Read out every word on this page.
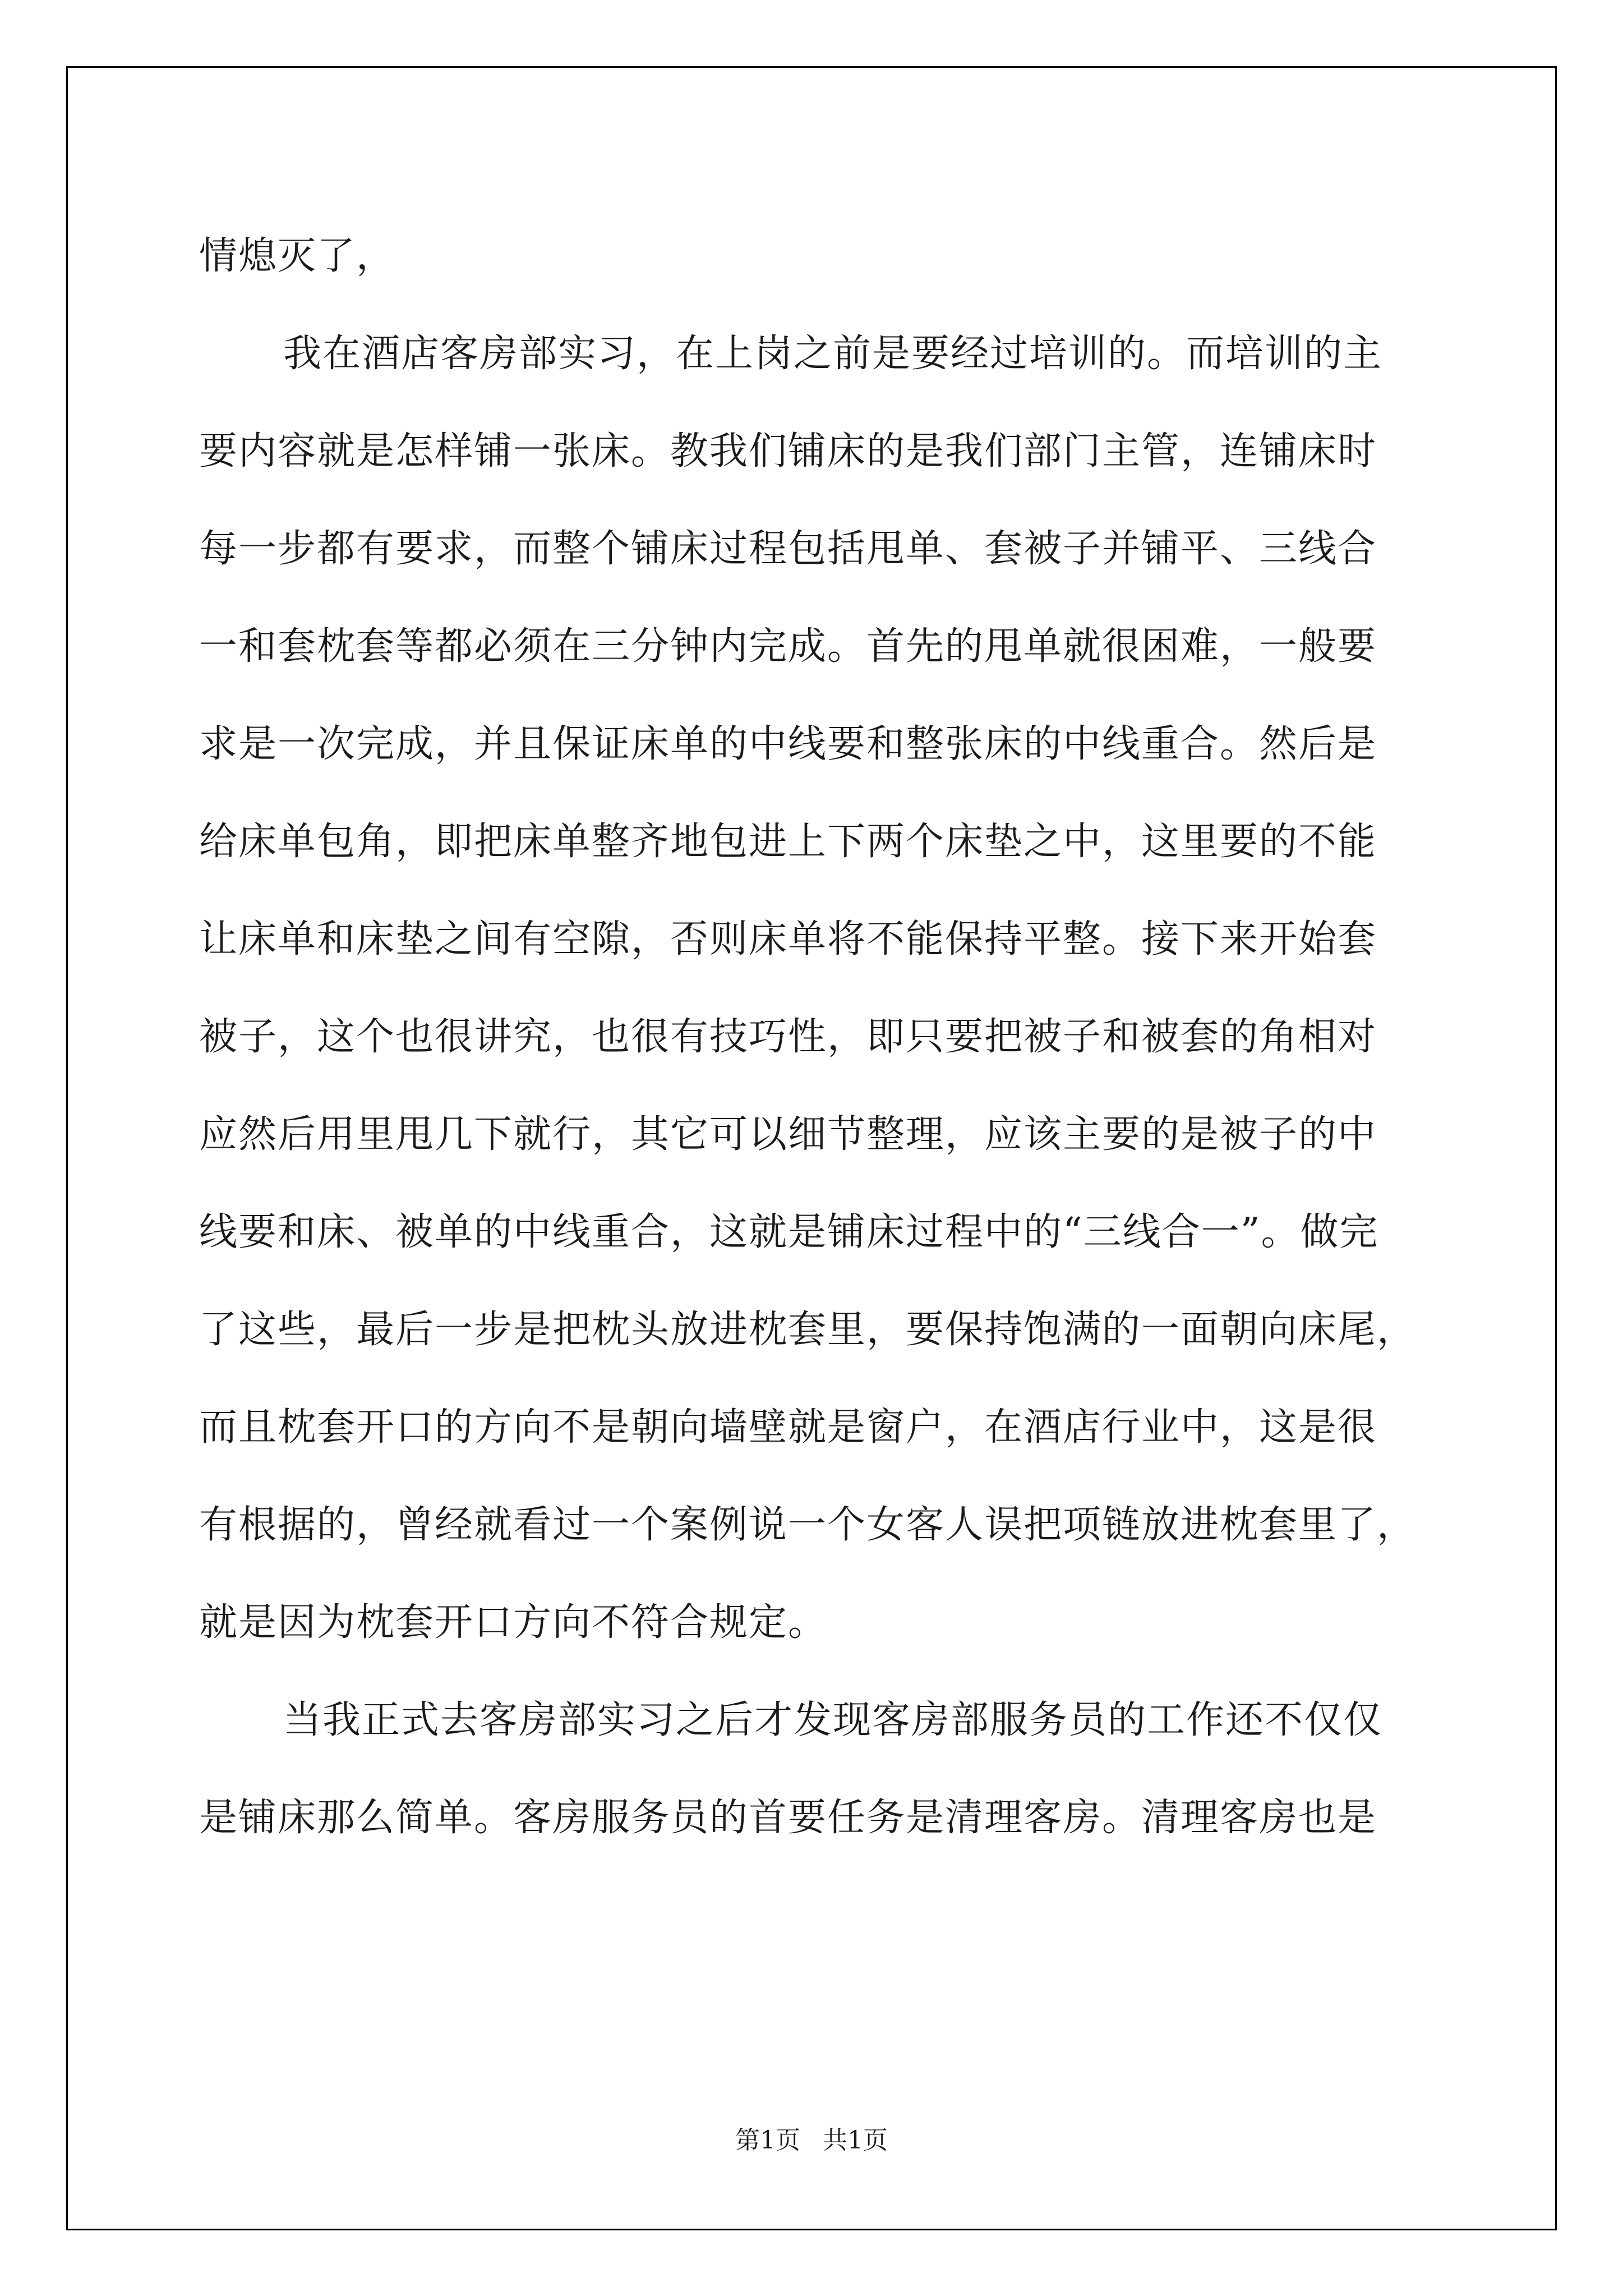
情熄灭了，
我在酒店客房部实习，在上岗之前是要经过培训的。而培训的主
要内容就是怎样铺一张床。教我们铺床的是我们部门主管，连铺床时
每一步都有要求，而整个铺床过程包括甩单、套被子并铺平、三线合
一和套枕套等都必须在三分钟内完成。首先的甩单就很困难，一般要
求是一次完成，并且保证床单的中线要和整张床的中线重合。然后是
给床单包角，即把床单整齐地包进上下两个床垫之中，这里要的不能
让床单和床垫之间有空隙，否则床单将不能保持平整。接下来开始套
被子，这个也很讲究，也很有技巧性，即只要把被子和被套的角相对
应然后用里甩几下就行，其它可以细节整理，应该主要的是被子的中
线要和床、被单的中线重合，这就是铺床过程中的“三线合一”。做完
了这些，最后一步是把枕头放进枕套里，要保持饱满的一面朝向床尾，
而且枕套开口的方向不是朝向墙壁就是窗户，在酒店行业中，这是很
有根据的，曾经就看过一个案例说一个女客人误把项链放进枕套里了，
就是因为枕套开口方向不符合规定。
当我正式去客房部实习之后才发现客房部服务员的工作还不仅仅
是铺床那么简单。客房服务员的首要任务是清理客房。清理客房也是
第1页 共1页
